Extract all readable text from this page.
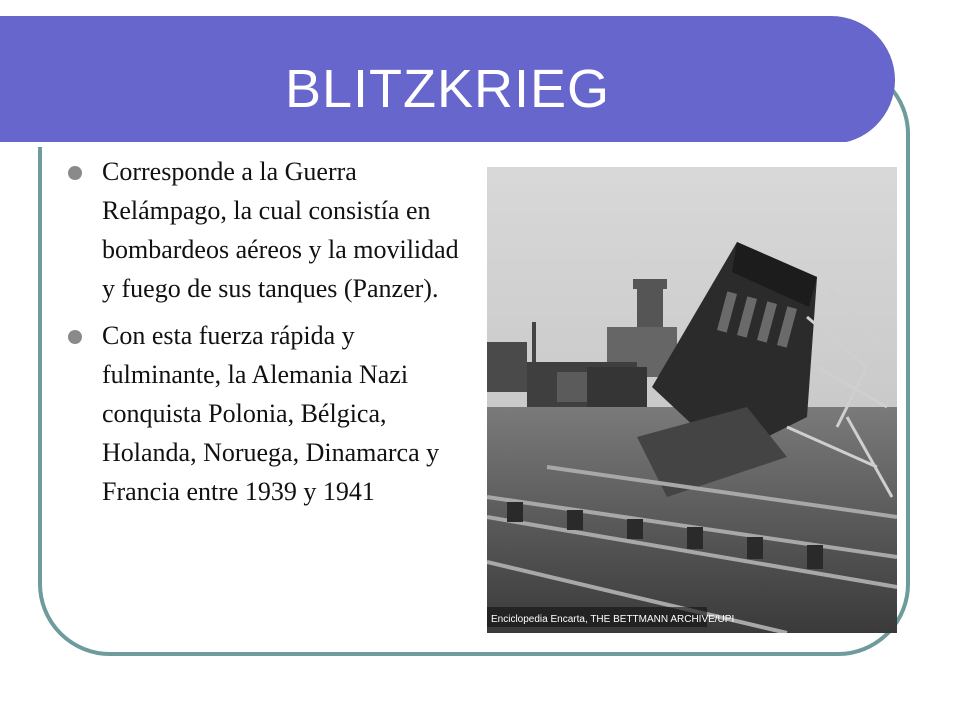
BLITZKRIEG
Corresponde a la Guerra Relámpago, la cual consistía en bombardeos aéreos y la movilidad y fuego de sus tanques (Panzer).
Con esta fuerza rápida y fulminante, la Alemania Nazi conquista Polonia, Bélgica, Holanda, Noruega, Dinamarca y Francia entre 1939 y 1941
Enciclopedia Encarta, THE BETTMANN ARCHIVE/UPI
